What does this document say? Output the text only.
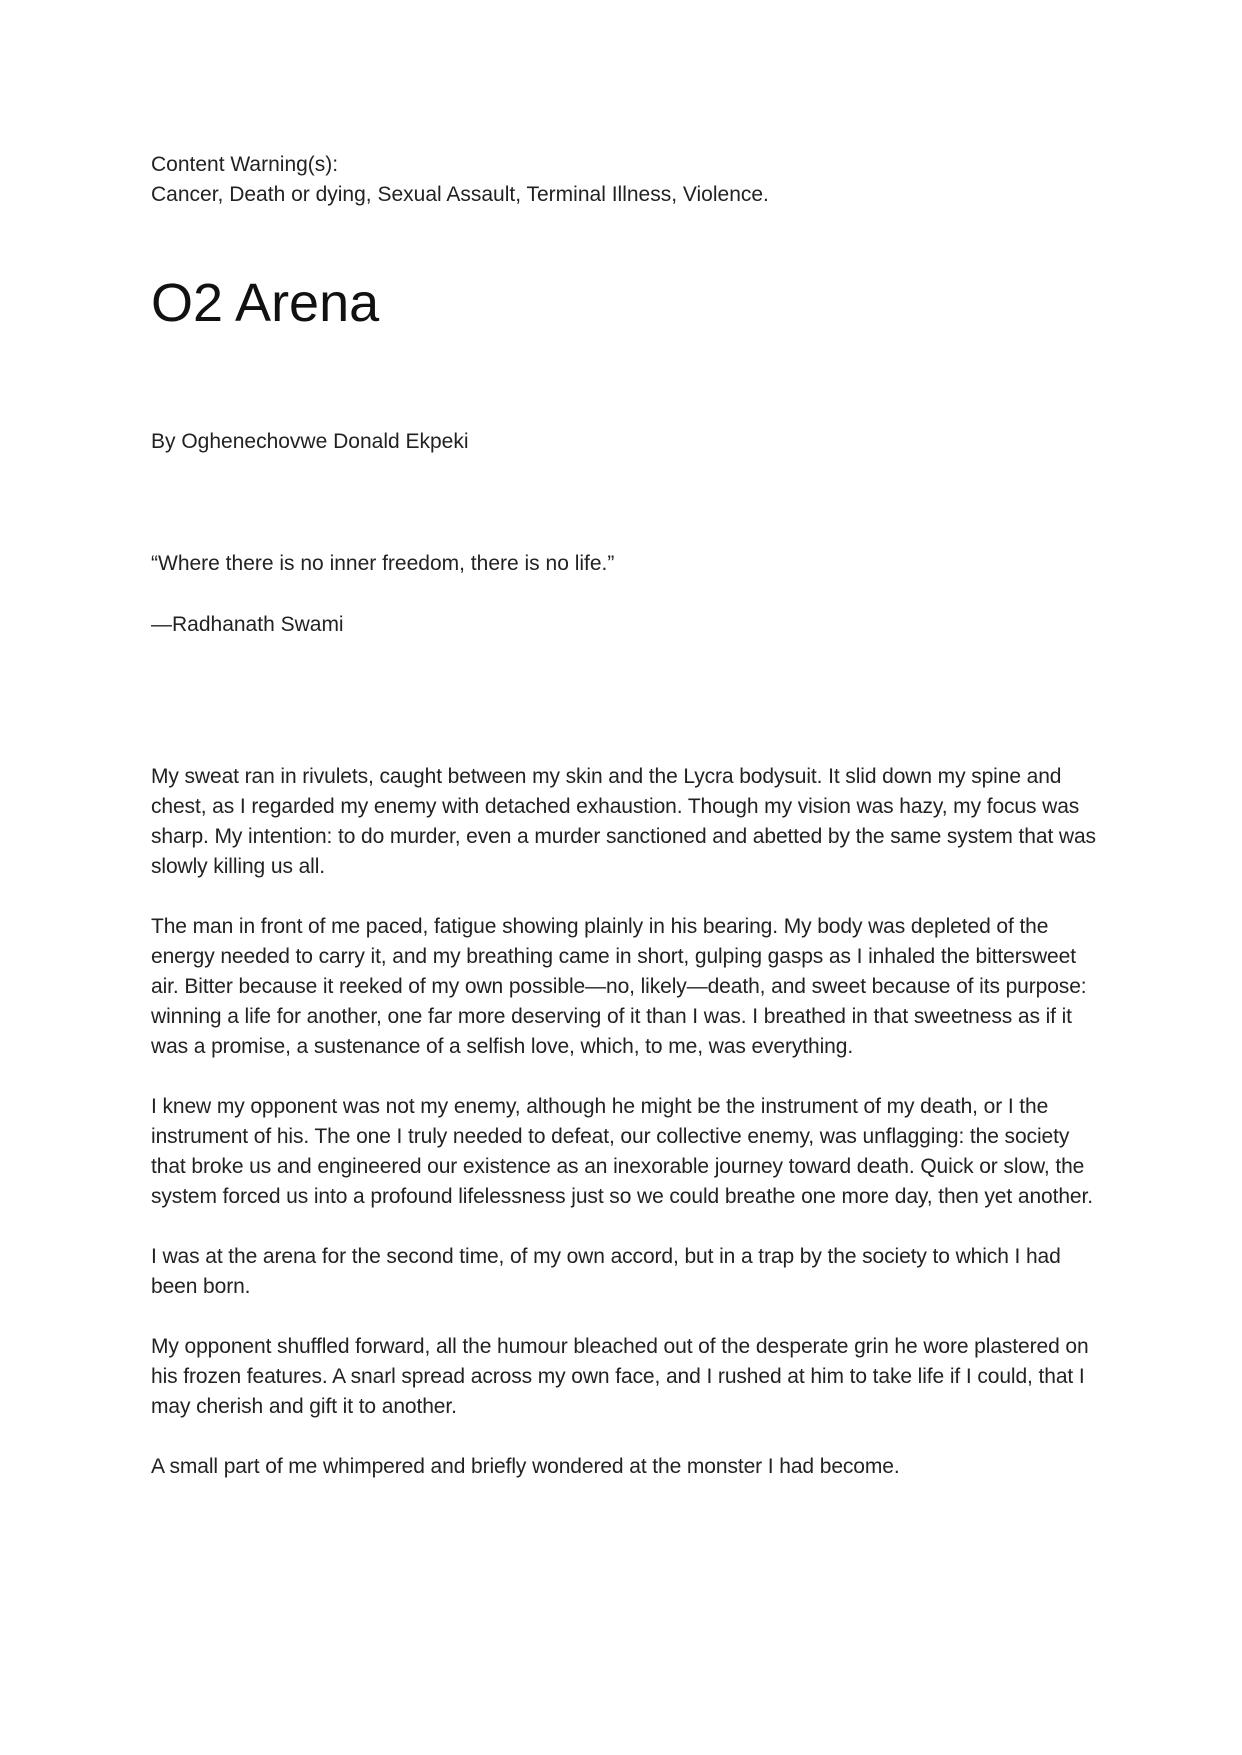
Content Warning(s):
Cancer, Death or dying, Sexual Assault, Terminal Illness, Violence.
O2 Arena
By Oghenechovwe Donald Ekpeki
“Where there is no inner freedom, there is no life.”
—Radhanath Swami

My sweat ran in rivulets, caught between my skin and the Lycra bodysuit. It slid down my spine and chest, as I regarded my enemy with detached exhaustion. Though my vision was hazy, my focus was sharp. My intention: to do murder, even a murder sanctioned and abetted by the same system that was slowly killing us all.

The man in front of me paced, fatigue showing plainly in his bearing. My body was depleted of the energy needed to carry it, and my breathing came in short, gulping gasps as I inhaled the bittersweet air. Bitter because it reeked of my own possible—no, likely—death, and sweet because of its purpose: winning a life for another, one far more deserving of it than I was. I breathed in that sweetness as if it was a promise, a sustenance of a selfish love, which, to me, was everything.

I knew my opponent was not my enemy, although he might be the instrument of my death, or I the instrument of his. The one I truly needed to defeat, our collective enemy, was unflagging: the society that broke us and engineered our existence as an inexorable journey toward death. Quick or slow, the system forced us into a profound lifelessness just so we could breathe one more day, then yet another.

I was at the arena for the second time, of my own accord, but in a trap by the society to which I had been born.

My opponent shuffled forward, all the humour bleached out of the desperate grin he wore plastered on his frozen features. A snarl spread across my own face, and I rushed at him to take life if I could, that I may cherish and gift it to another.

A small part of me whimpered and briefly wondered at the monster I had become.
